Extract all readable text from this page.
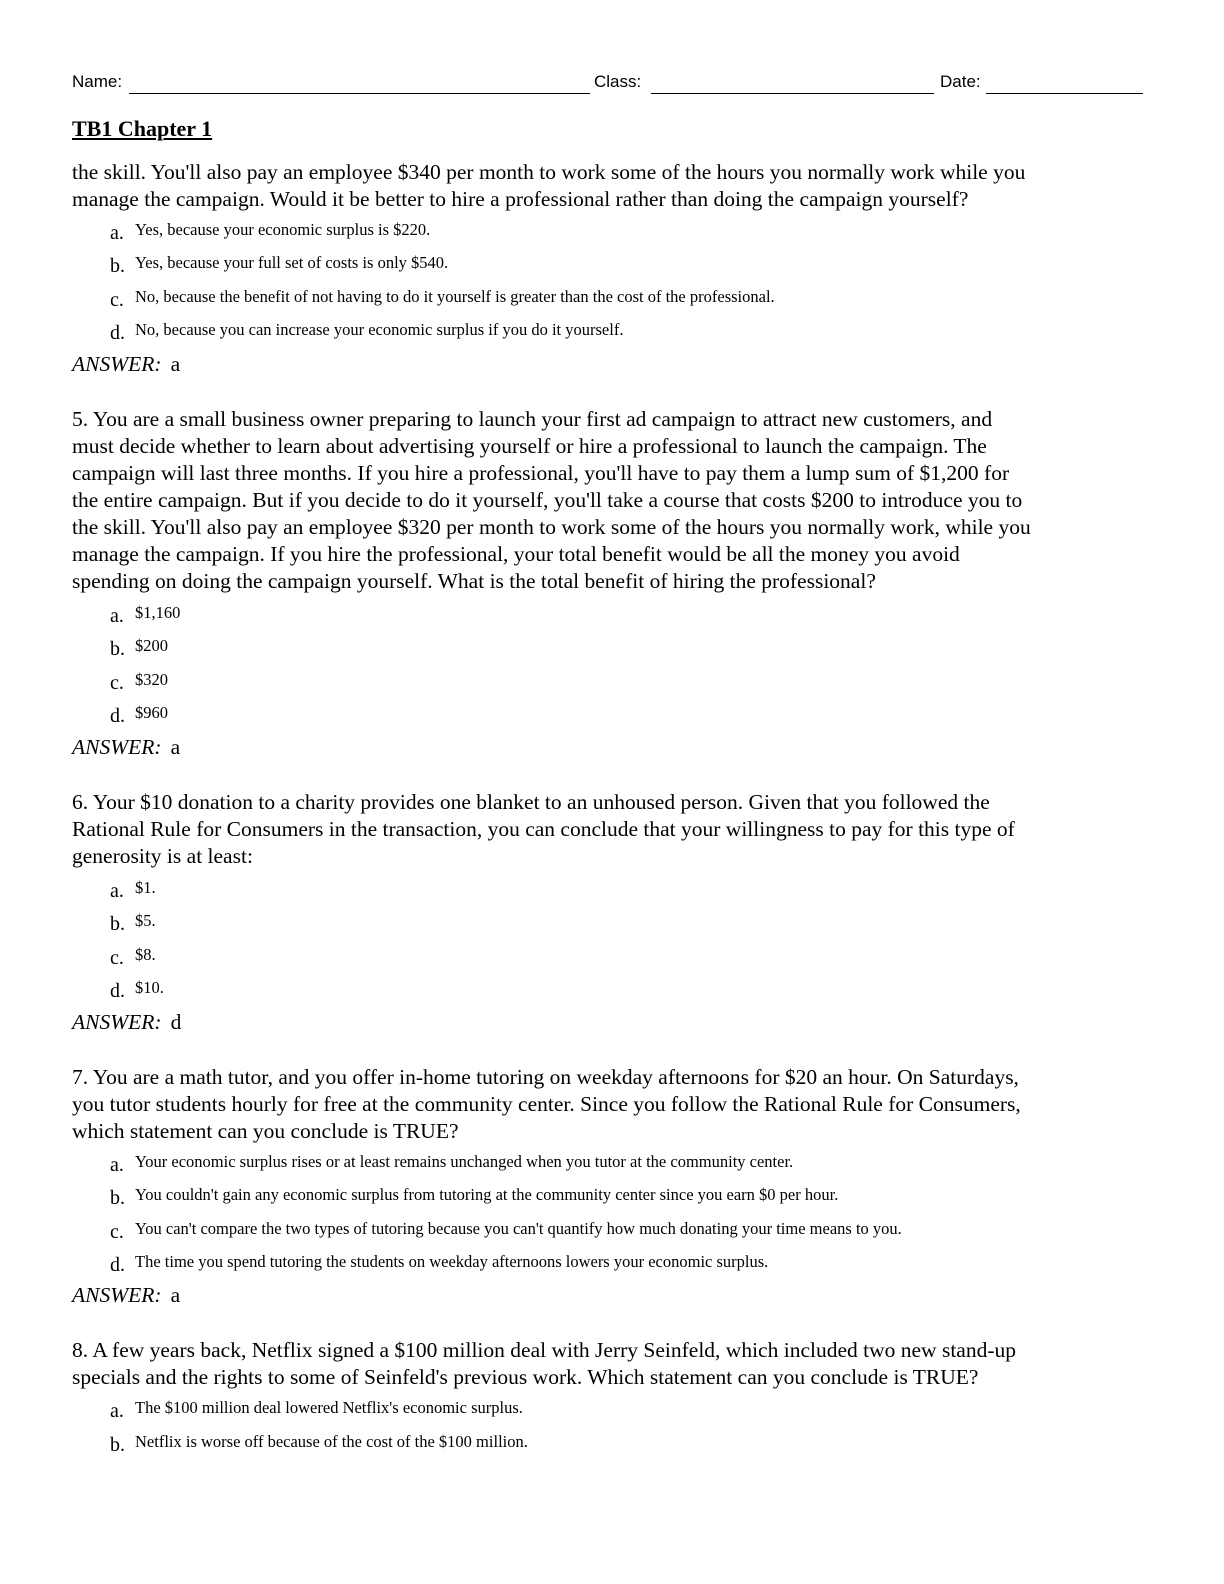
Name:	Class:	Date:
TB1 Chapter 1
the skill. You'll also pay an employee $340 per month to work some of the hours you normally work while you
manage the campaign. Would it be better to hire a professional rather than doing the campaign yourself?
a. Yes, because your economic surplus is $220.
b. Yes, because your full set of costs is only $540.
c. No, because the benefit of not having to do it yourself is greater than the cost of the professional.
d. No, because you can increase your economic surplus if you do it yourself.
ANSWER: a
5. You are a small business owner preparing to launch your first ad campaign to attract new customers, and
must decide whether to learn about advertising yourself or hire a professional to launch the campaign. The
campaign will last three months. If you hire a professional, you'll have to pay them a lump sum of $1,200 for
the entire campaign. But if you decide to do it yourself, you'll take a course that costs $200 to introduce you to
the skill. You'll also pay an employee $320 per month to work some of the hours you normally work, while you
manage the campaign. If you hire the professional, your total benefit would be all the money you avoid
spending on doing the campaign yourself. What is the total benefit of hiring the professional?
a. $1,160
b. $200
c. $320
d. $960
ANSWER: a
6. Your $10 donation to a charity provides one blanket to an unhoused person. Given that you followed the
Rational Rule for Consumers in the transaction, you can conclude that your willingness to pay for this type of
generosity is at least:
a. $1.
b. $5.
c. $8.
d. $10.
ANSWER: d
7. You are a math tutor, and you offer in-home tutoring on weekday afternoons for $20 an hour. On Saturdays,
you tutor students hourly for free at the community center. Since you follow the Rational Rule for Consumers,
which statement can you conclude is TRUE?
a. Your economic surplus rises or at least remains unchanged when you tutor at the community center.
b. You couldn't gain any economic surplus from tutoring at the community center since you earn $0 per hour.
c. You can't compare the two types of tutoring because you can't quantify how much donating your time means to you.
d. The time you spend tutoring the students on weekday afternoons lowers your economic surplus.
ANSWER: a
8. A few years back, Netflix signed a $100 million deal with Jerry Seinfeld, which included two new stand-up
specials and the rights to some of Seinfeld's previous work. Which statement can you conclude is TRUE?
a. The $100 million deal lowered Netflix's economic surplus.
b. Netflix is worse off because of the cost of the $100 million.
